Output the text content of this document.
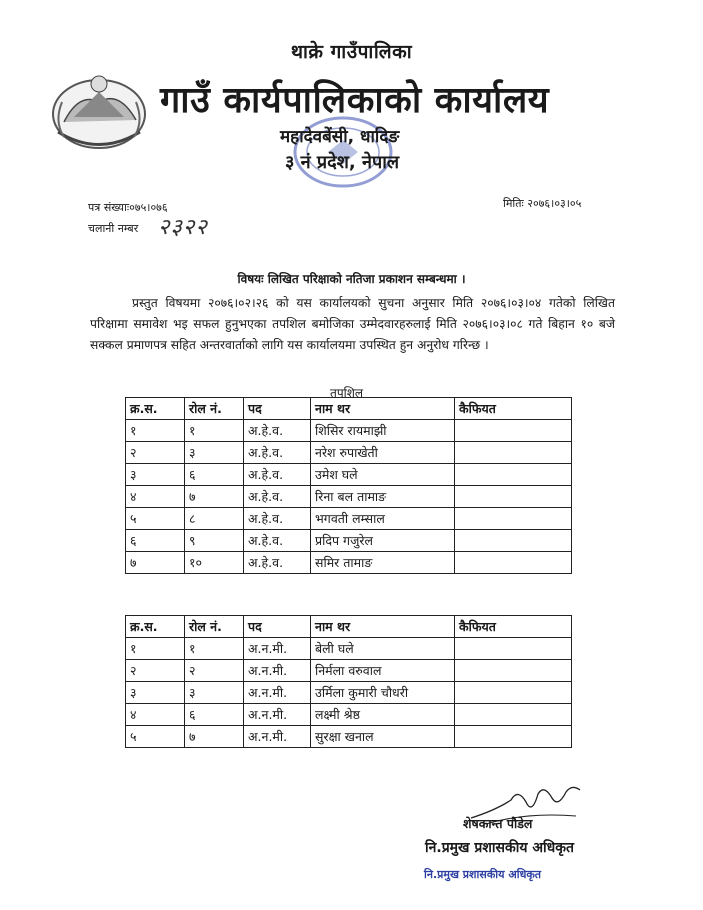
थाक्रे गाउँपालिका
गाउँ कार्यपालिकाको कार्यालय
महादेवबेंसी, धादिङ
३ नं प्रदेश, नेपाल
पत्र संख्याः०७५।०७६
चलानी नम्बर २३२२
मितिः २०७६।०३।०५
विषयः लिखित परिक्षाको नतिजा प्रकाशन सम्बन्धमा ।
प्रस्तुत विषयमा २०७६।०२।२६ को यस कार्यालयको सुचना अनुसार मिति २०७६।०३।०४ गतेको लिखित परिक्षामा समावेश भइ सफल हुनुभएका तपशिल बमोजिका उम्मेदवारहरुलाई मिति २०७६।०३।०८ गते बिहान १० बजे सक्कल प्रमाणपत्र सहित अन्तरवार्ताको लागि यस कार्यालयमा उपस्थित हुन अनुरोध गरिन्छ ।
तपशिल
क्र.स.	रोल नं.	पद	नाम थर	कैफियत
१	१	अ.हे.व.	शिसिर रायमाझी	
२	३	अ.हे.व.	नरेश रुपाखेती	
३	६	अ.हे.व.	उमेश घले	
४	७	अ.हे.व.	रिना बल तामाङ	
५	८	अ.हे.व.	भगवती लम्साल	
६	९	अ.हे.व.	प्रदिप गजुरेल	
७	१०	अ.हे.व.	समिर तामाङ	
क्र.स.	रोल नं.	पद	नाम थर	कैफियत
१	१	अ.न.मी.	बेली घले	
२	२	अ.न.मी.	निर्मला वरुवाल	
३	३	अ.न.मी.	उर्मिला कुमारी चौधरी	
४	६	अ.न.मी.	लक्ष्मी श्रेष्ठ	
५	७	अ.न.मी.	सुरक्षा खनाल	
शेषकान्त पौडेल
नि.प्रमुख प्रशासकीय अधिकृत
नि.प्रमुख प्रशासकीय अधिकृत
